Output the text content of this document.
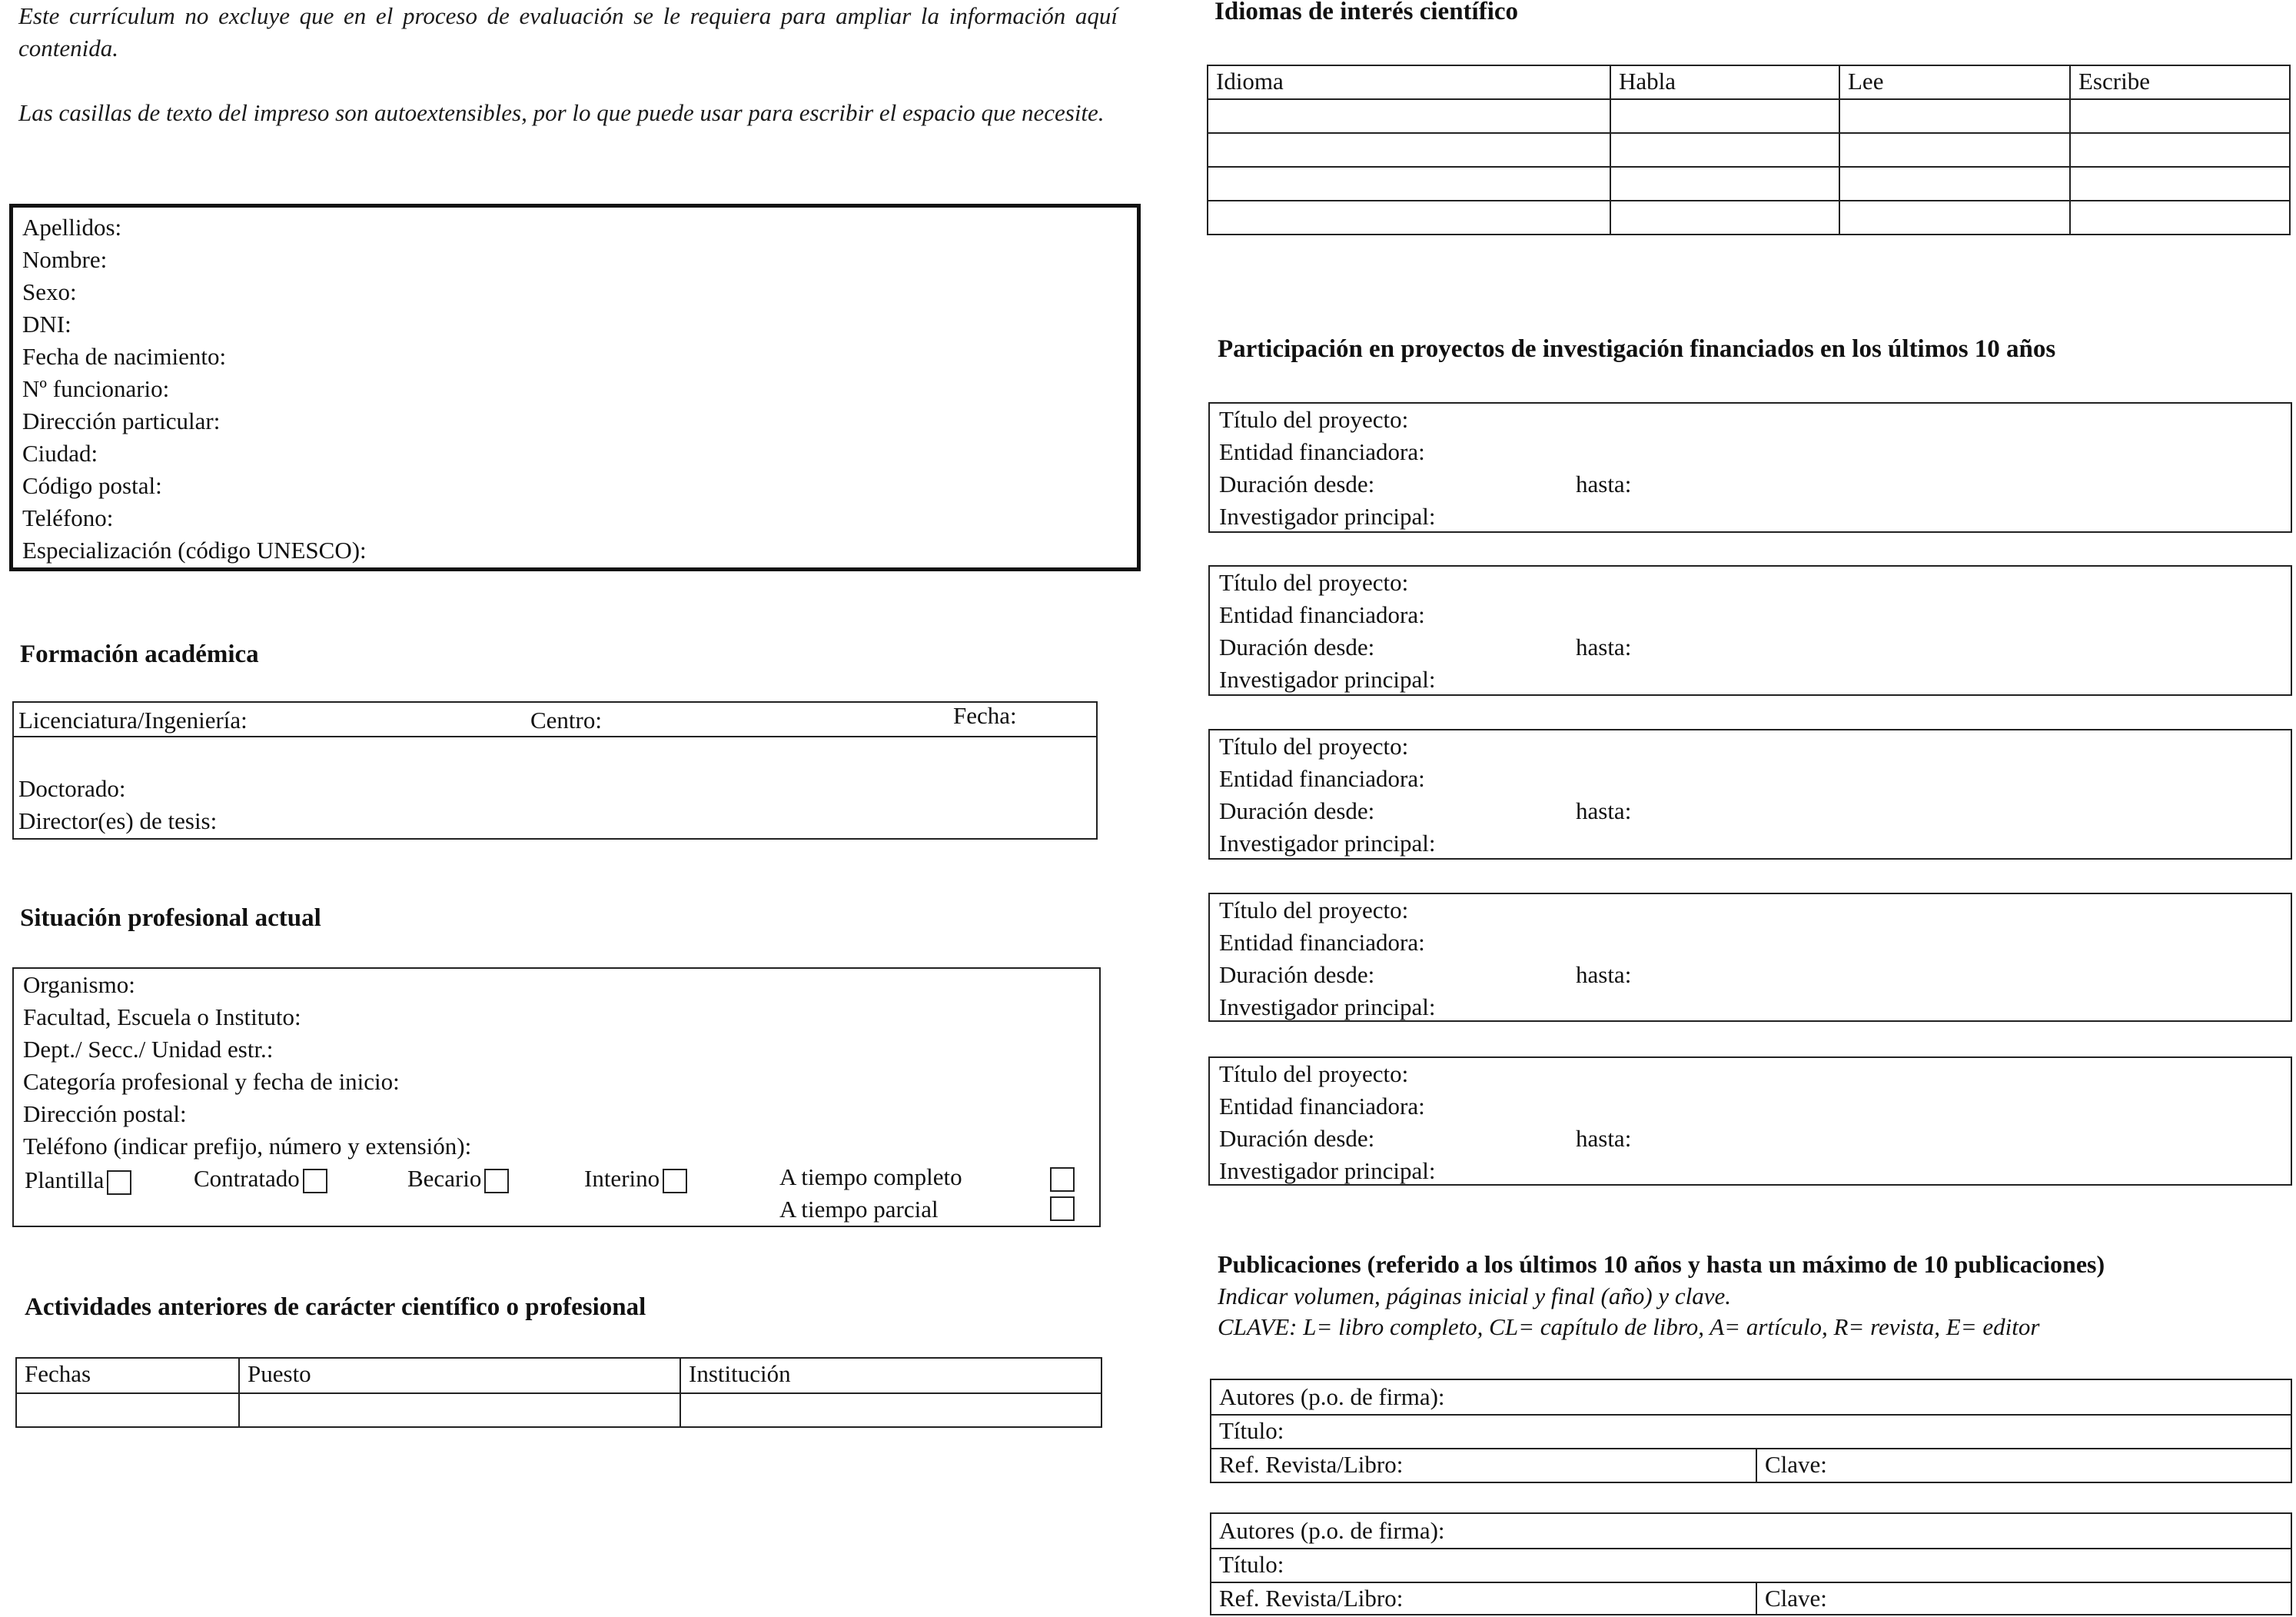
Este currículum no excluye que en el proceso de evaluación se le requiera para ampliar la información aquí contenida.
Las casillas de texto del impreso son autoextensibles, por lo que puede usar para escribir el espacio que necesite.
Apellidos:
Nombre:
Sexo:
DNI:
Fecha de nacimiento:
Nº funcionario:
Dirección particular:
Ciudad:
Código postal:
Teléfono:
Especialización (código UNESCO):
Formación académica
Licenciatura/Ingeniería:	Centro:	Fecha:
Doctorado:
Director(es) de tesis:
Situación profesional actual
Organismo:
Facultad, Escuela o Instituto:
Dept./ Secc./ Unidad estr.:
Categoría profesional y fecha de inicio:
Dirección postal:
Teléfono (indicar prefijo, número y extensión):
Plantilla	Contratado	Becario	Interino	A tiempo completo
A tiempo parcial
Actividades anteriores de carácter científico o profesional
Fechas	Puesto	Institución

Idiomas de interés científico
Idioma	Habla	Lee	Escribe

Participación en proyectos de investigación financiados en los últimos 10 años
Título del proyecto:
Entidad financiadora:
Duración desde:	hasta:
Investigador principal:
Título del proyecto:
Entidad financiadora:
Duración desde:	hasta:
Investigador principal:
Título del proyecto:
Entidad financiadora:
Duración desde:	hasta:
Investigador principal:
Título del proyecto:
Entidad financiadora:
Duración desde:	hasta:
Investigador principal:
Título del proyecto:
Entidad financiadora:
Duración desde:	hasta:
Investigador principal:
Publicaciones (referido a los últimos 10 años y hasta un máximo de 10 publicaciones)
Indicar volumen, páginas inicial y final (año) y clave.
CLAVE: L= libro completo, CL= capítulo de libro, A= artículo, R= revista, E= editor
Autores (p.o. de firma):
Título:
Ref. Revista/Libro:	Clave:
Autores (p.o. de firma):
Título:
Ref. Revista/Libro:	Clave:
